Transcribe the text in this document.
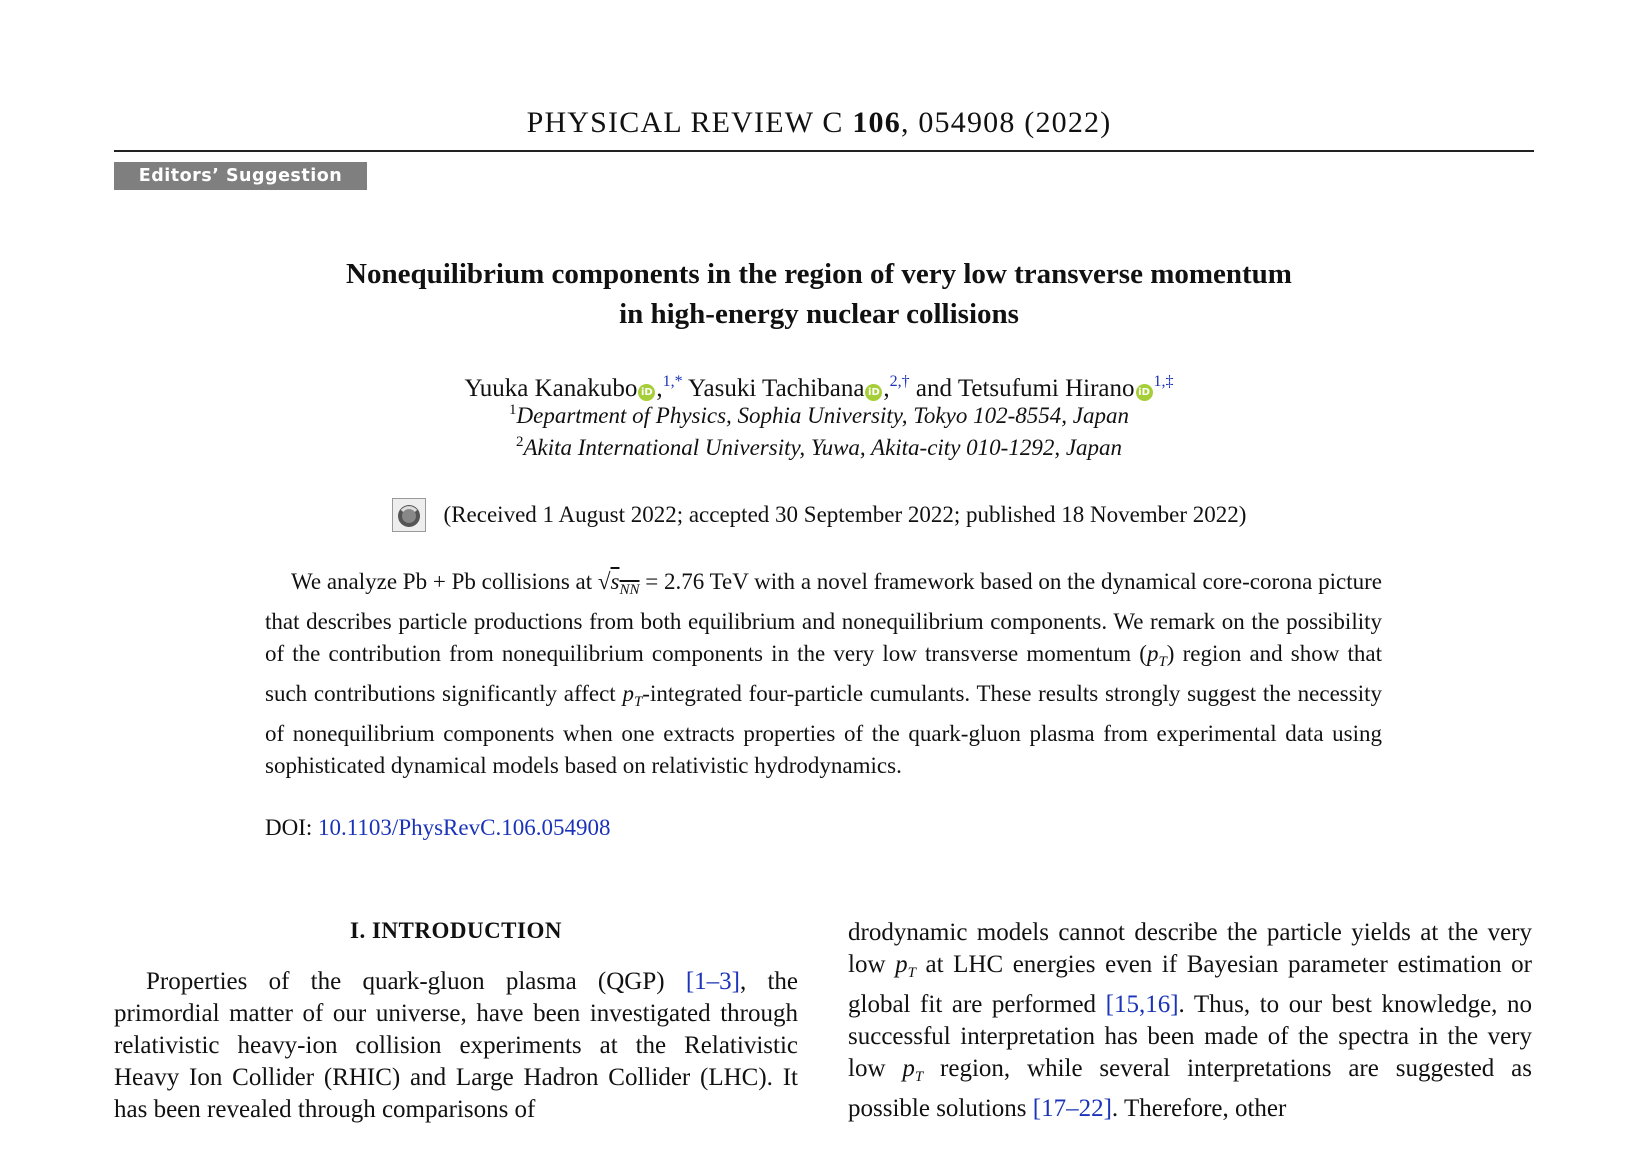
PHYSICAL REVIEW C 106, 054908 (2022)
Editors’ Suggestion
Nonequilibrium components in the region of very low transverse momentum
in high-energy nuclear collisions
Yuuka Kanakubo iD ,$^{1,*}$ Yasuki Tachibana iD ,$^{2,\dagger}$ and Tetsufumi Hirano $iD^{1,\ddagger}$
$^1$Department of Physics, Sophia University, Tokyo 102-8554, Japan
$^2$Akita International University, Yuwa, Akita-city 010-1292, Japan
(Received 1 August 2022; accepted 30 September 2022; published 18 November 2022)
We analyze Pb + Pb collisions at $√s_{NN} = 2.76$ TeV with a novel framework based on the dynamical core-corona picture that describes particle productions from both equilibrium and nonequilibrium components. We remark on the possibility of the contribution from nonequilibrium components in the very low transverse momentum $(p_T)$ region and show that such contributions significantly affect $p_T$-integrated four-particle cumulants. These results strongly suggest the necessity of nonequilibrium components when one extracts properties of the quark-gluon plasma from experimental data using sophisticated dynamical models based on relativistic hydrodynamics.
DOI: 10.1103/PhysRevC.106.054908
I. INTRODUCTION
Properties of the quark-gluon plasma (QGP) [1–3], the primordial matter of our universe, have been investigated through relativistic heavy-ion collision experiments at the Relativistic Heavy Ion Collider (RHIC) and Large Hadron Collider (LHC). It has been revealed through comparisons of
drodynamic models cannot describe the particle yields at the very low $p_T$ at LHC energies even if Bayesian parameter estimation or global fit are performed [15,16]. Thus, to our best knowledge, no successful interpretation has been made of the spectra in the very low $p_T$ region, while several interpretations are suggested as possible solutions [17–22]. Therefore, other
